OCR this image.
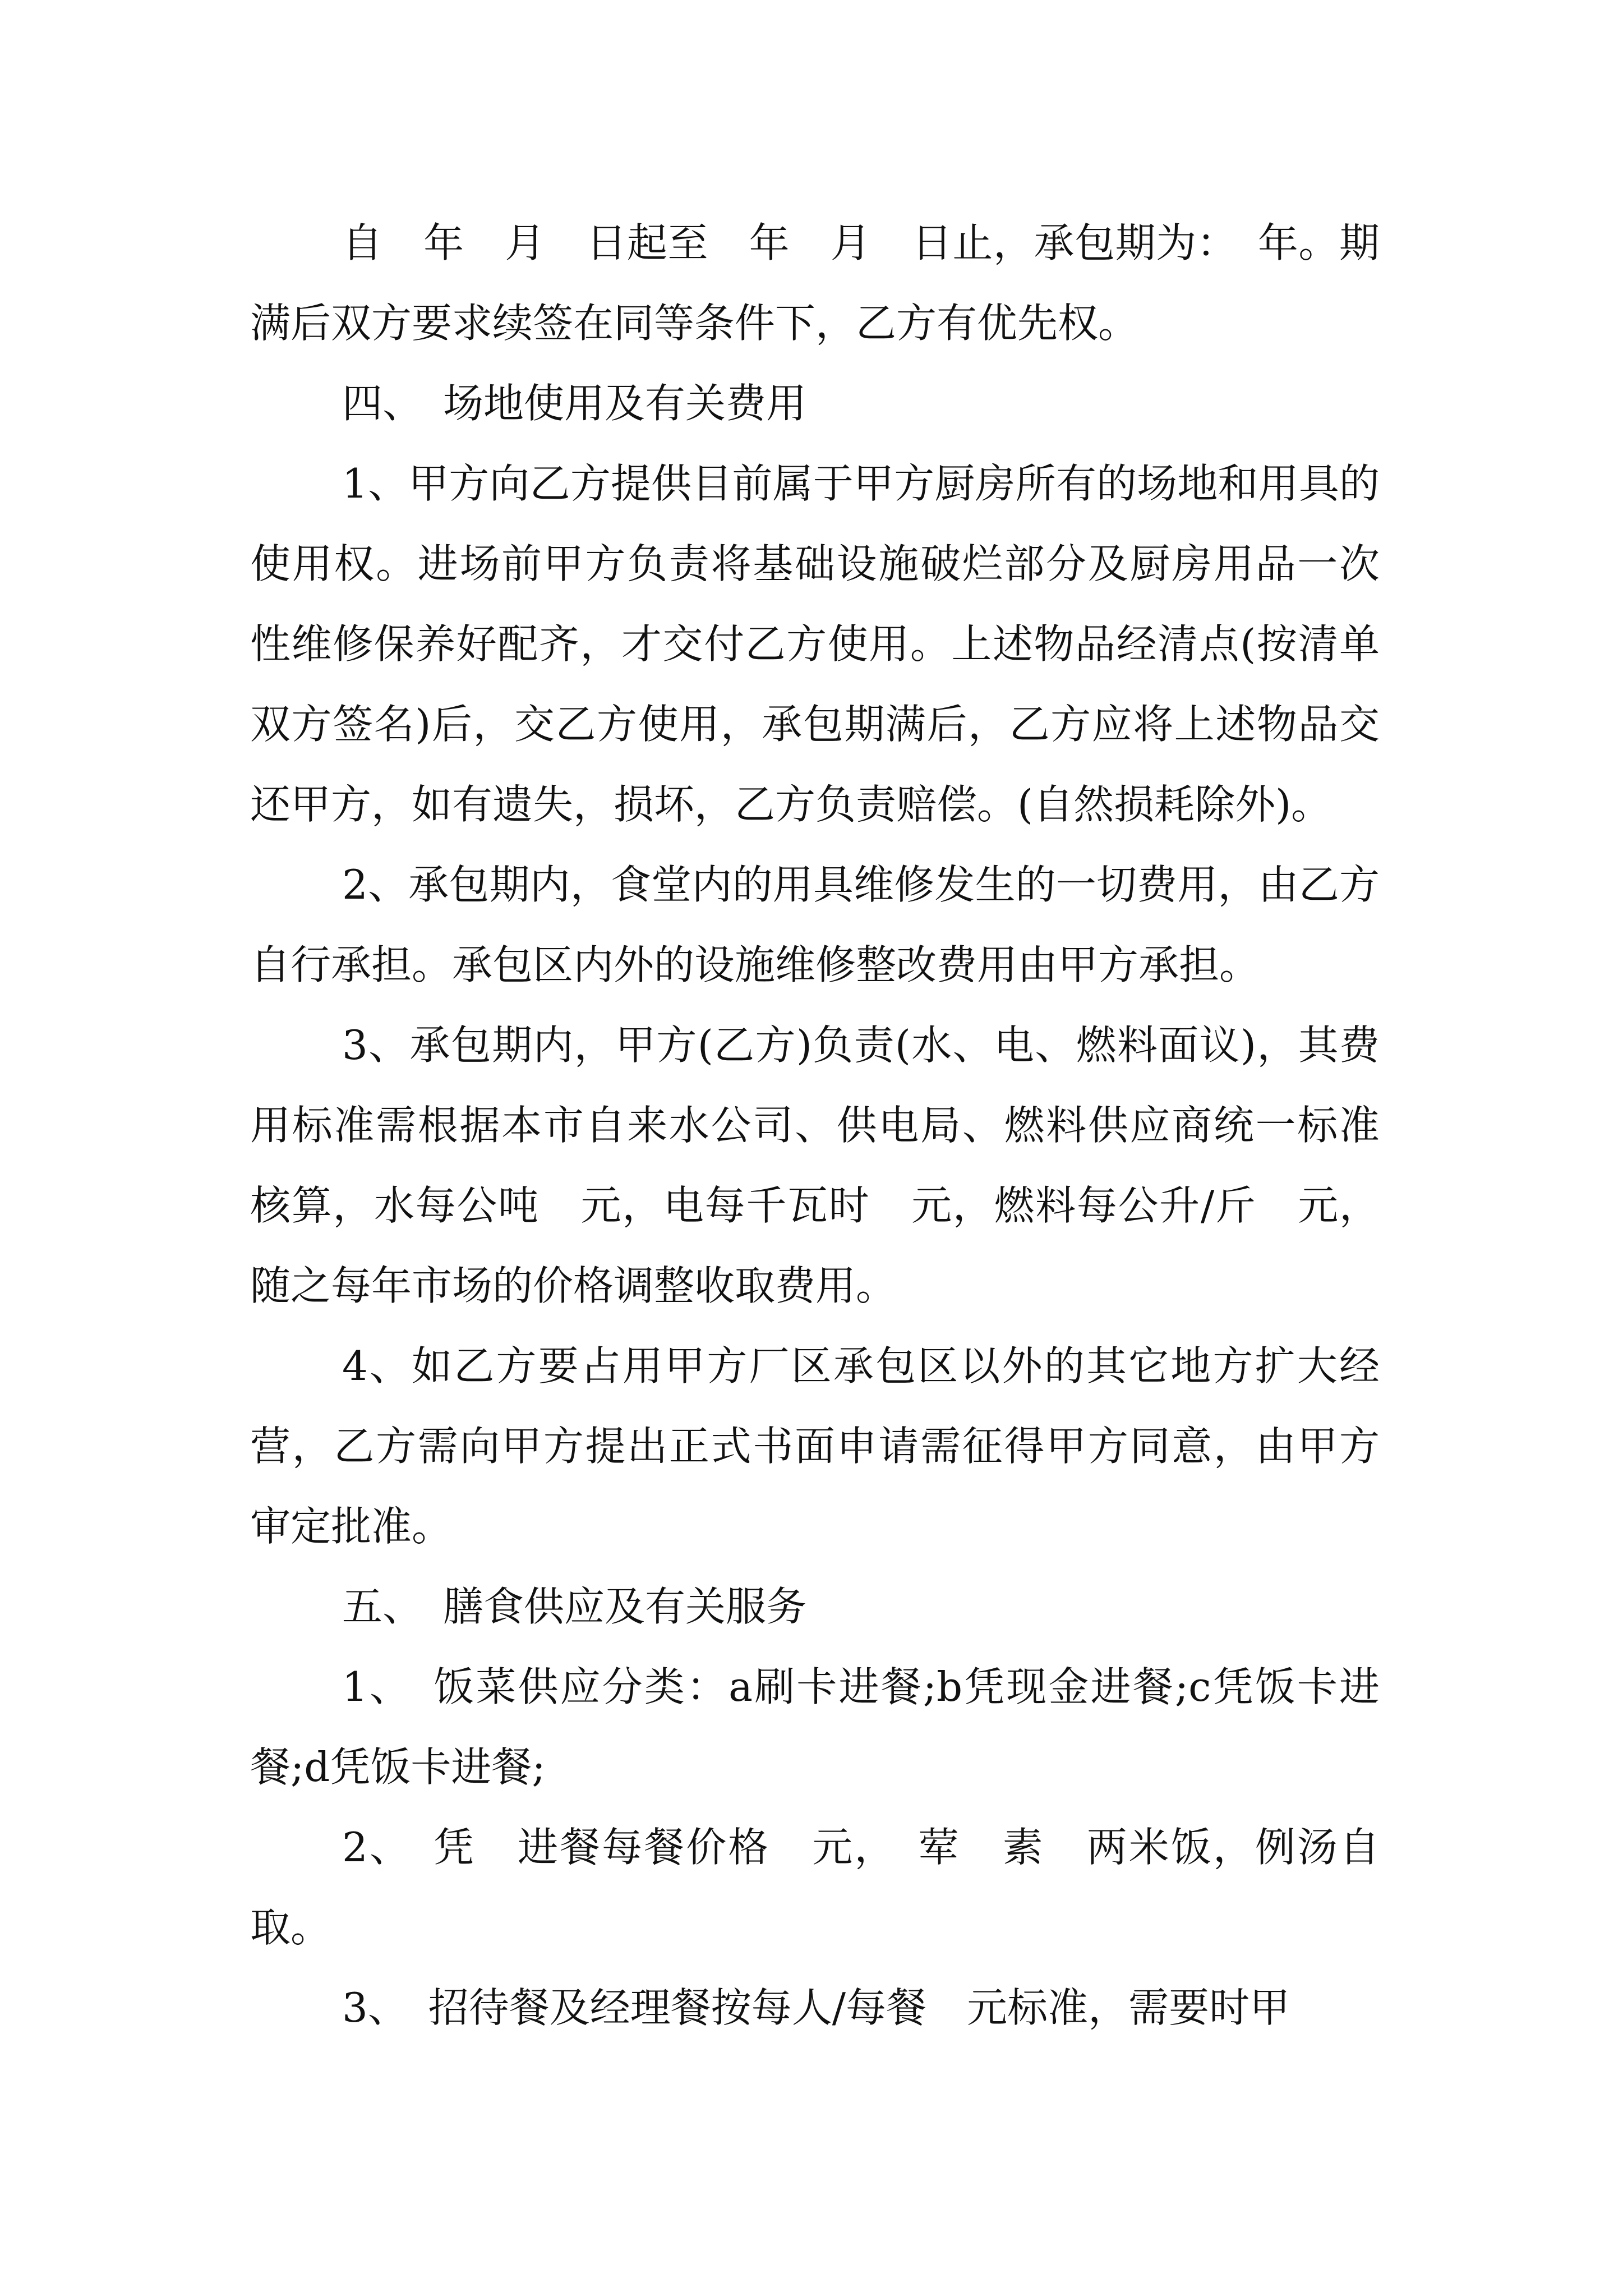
自　年　月　日起至　年　月　日止，承包期为：　年。期满后双方要求续签在同等条件下，乙方有优先权。

四、　场地使用及有关费用

1、甲方向乙方提供目前属于甲方厨房所有的场地和用具的使用权。进场前甲方负责将基础设施破烂部分及厨房用品一次性维修保养好配齐，才交付乙方使用。上述物品经清点(按清单双方签名)后，交乙方使用，承包期满后，乙方应将上述物品交还甲方，如有遗失，损坏，乙方负责赔偿。(自然损耗除外)。

2、承包期内，食堂内的用具维修发生的一切费用，由乙方自行承担。承包区内外的设施维修整改费用由甲方承担。

3、承包期内，甲方(乙方)负责(水、电、燃料面议)，其费用标准需根据本市自来水公司、供电局、燃料供应商统一标准核算，水每公吨　元，电每千瓦时　元，燃料每公升/斤　元，随之每年市场的价格调整收取费用。

4、如乙方要占用甲方厂区承包区以外的其它地方扩大经营，乙方需向甲方提出正式书面申请需征得甲方同意，由甲方审定批准。

五、　膳食供应及有关服务

1、　饭菜供应分类：a刷卡进餐;b凭现金进餐;c凭饭卡进餐;d凭饭卡进餐;

2、　凭　进餐每餐价格　元，　荤　素　两米饭，例汤自取。

3、　招待餐及经理餐按每人/每餐　元标准，需要时甲
